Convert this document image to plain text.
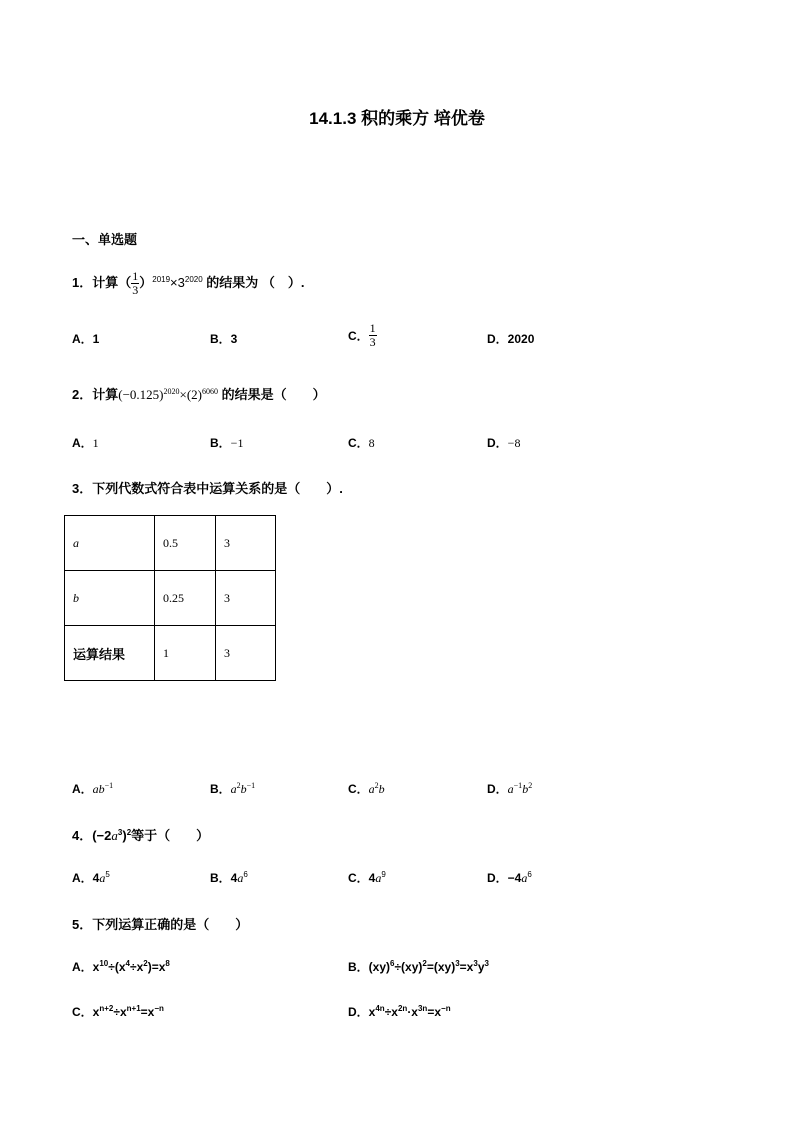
14.1.3 积的乘方 培优卷
一、单选题
1．计算（ $\frac{1}{3} )^{2019}\times 3^{2020}$ 的结果为 （　）.
A．1	B．3	C． $\frac{1}{3}$	D．2020
2．计算$(-0.125)^{2020}\times(2)^{6060}$ 的结果是（　　）
A．1	B．−1	C．8	D．−8
3．下列代数式符合表中运算关系的是（　　）.
a	0.5	3
b	0.25	3
运算结果	1	3
A．$ab^{-1}$	B．$a^2b^{-1}$	C．$a^2b$	D．$a^{-1}b^2$
4．$(-2a^3)^2$等于（　　）
A．$4a^5$	B．$4a^6$	C．$4a^9$	D．$-4a^6$
5．下列运算正确的是（　　）
A．$x^{10}\div(x^4\div x^2)=x^8$	B．$(xy)^6\div(xy)^2=(xy)^3=x^3y^3$
C．$x^{n+2}\div x^{n+1}=x^{-n}$	D．$x^{4n}\div x^{2n}\cdot x^{3n}=x^{-n}$
